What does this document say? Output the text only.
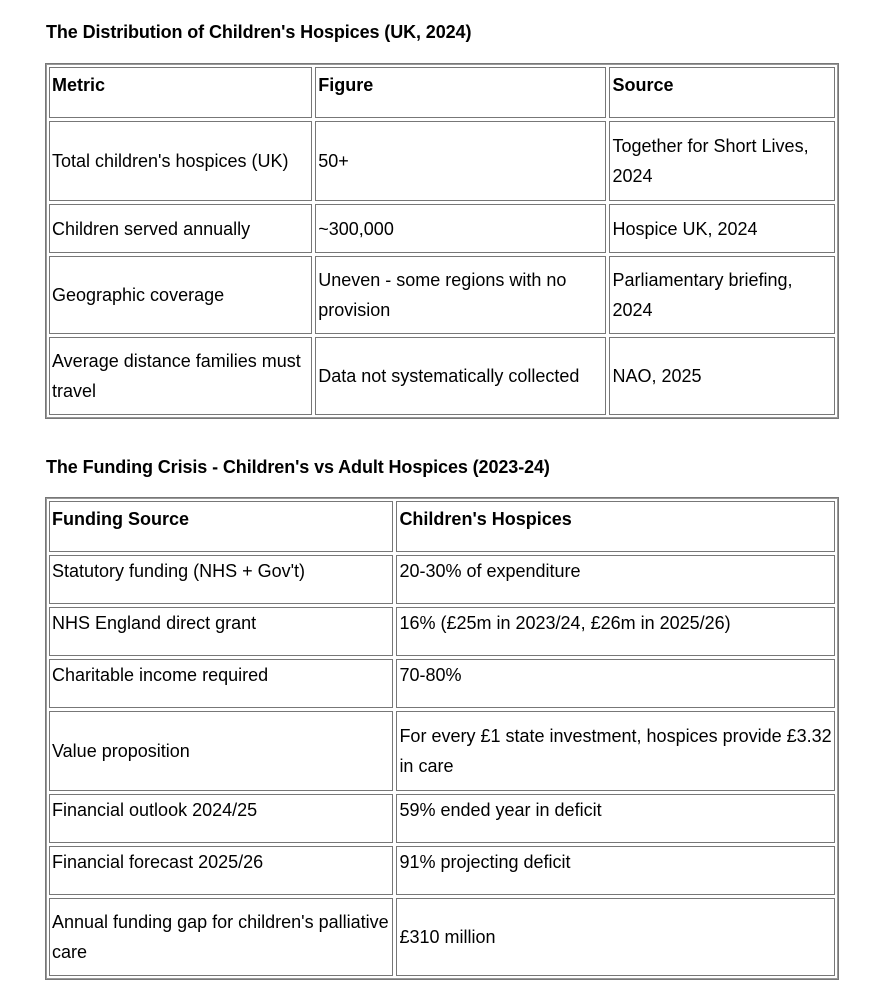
The Distribution of Children's Hospices (UK, 2024)
Metric	Figure	Source
Total children's hospices (UK)	50+	Together for Short Lives, 2024
Children served annually	~300,000	Hospice UK, 2024
Geographic coverage	Uneven - some regions with no provision	Parliamentary briefing, 2024
Average distance families must travel	Data not systematically collected	NAO, 2025
The Funding Crisis - Children's vs Adult Hospices (2023-24)
Funding Source	Children's Hospices
Statutory funding (NHS + Gov't)	20-30% of expenditure
NHS England direct grant	16% (£25m in 2023/24, £26m in 2025/26)
Charitable income required	70-80%
Value proposition	For every £1 state investment, hospices provide £3.32 in care
Financial outlook 2024/25	59% ended year in deficit
Financial forecast 2025/26	91% projecting deficit
Annual funding gap for children's palliative care	£310 million
